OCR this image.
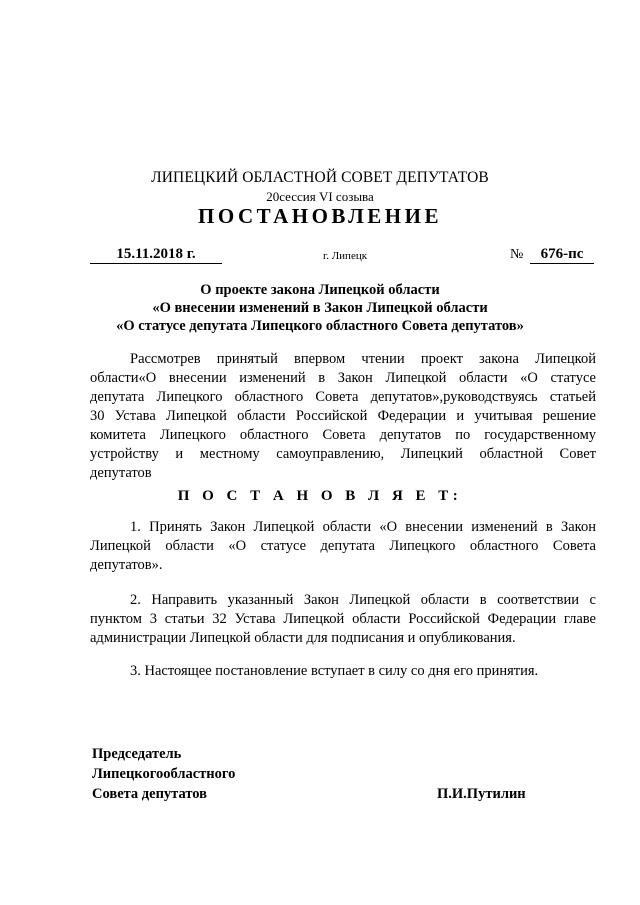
ЛИПЕЦКИЙ ОБЛАСТНОЙ СОВЕТ ДЕПУТАТОВ
20сессия VI созыва
ПОСТАНОВЛЕНИЕ
15.11.2018 г.	г. Липецк	№	676-пс
О проекте закона Липецкой области
«О внесении изменений в Закон Липецкой области
«О статусе депутата Липецкого областного Совета депутатов»
Рассмотрев принятый впервом чтении проект закона Липецкой
области«О внесении изменений в Закон Липецкой области «О статусе
депутата Липецкого областного Совета депутатов»,руководствуясь статьей
30 Устава Липецкой области Российской Федерации и учитывая решение
комитета Липецкого областного Совета депутатов по государственному
устройству и местному самоуправлению, Липецкий областной Совет
депутатов
П О С Т А Н О В Л Я Е Т:
1. Принять Закон Липецкой области «О внесении изменений в Закон
Липецкой области «О статусе депутата Липецкого областного Совета
депутатов».
2. Направить указанный Закон Липецкой области в соответствии с
пунктом 3 статьи 32 Устава Липецкой области Российской Федерации главе
администрации Липецкой области для подписания и опубликования.
3. Настоящее постановление вступает в силу со дня его принятия.
Председатель
Липецкогообластного
Совета депутатов	П.И.Путилин
